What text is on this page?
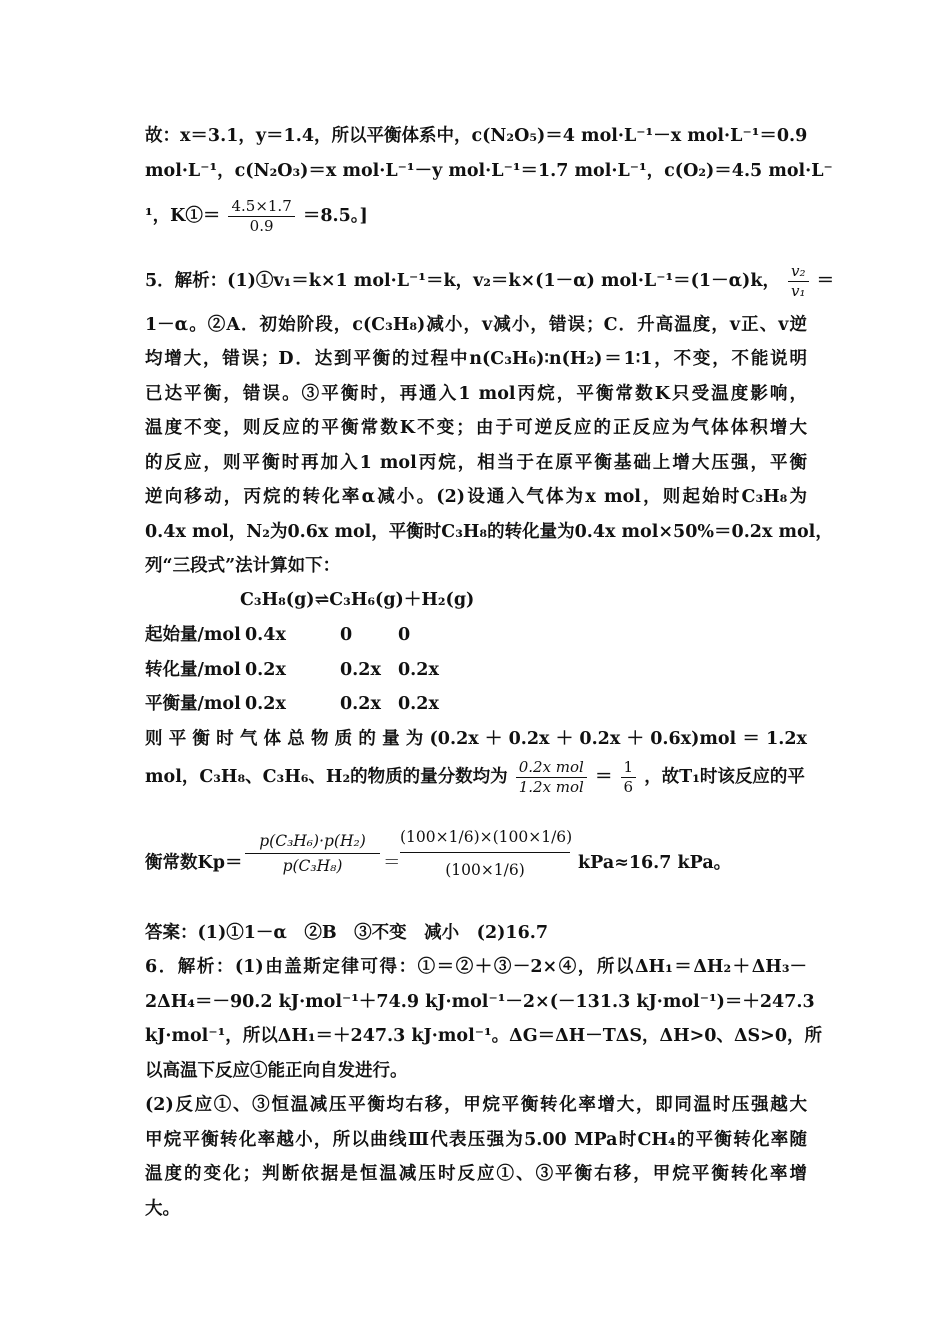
故：x＝3.1，y＝1.4，所以平衡体系中，c(N₂O₅)＝4 mol·L⁻¹－x mol·L⁻¹＝0.9
mol·L⁻¹，c(N₂O₃)＝x mol·L⁻¹－y mol·L⁻¹＝1.7 mol·L⁻¹，c(O₂)＝4.5 mol·L⁻
¹，K①＝ $\frac{4.5\times 1.7}{0.9} =8.5$。]
5．解析：(1)①v₁＝k×1 mol·L⁻¹＝k，v₂＝k×(1－α) mol·L⁻¹＝(1－α)k， $\frac{\text{v₂}}{\text{v₁}}$ ＝
1－α。②A．初始阶段，c(C₃H₈)减小，v减小，错误；C．升高温度，v正、v逆
均增大，错误；D．达到平衡的过程中n(C₃H₆)∶n(H₂)＝1∶1，不变，不能说明
已达平衡，错误。③平衡时，再通入1 mol丙烷，平衡常数K只受温度影响，
温度不变，则反应的平衡常数K不变；由于可逆反应的正反应为气体体积增大
的反应，则平衡时再加入1 mol丙烷，相当于在原平衡基础上增大压强，平衡
逆向移动，丙烷的转化率α减小。(2)设通入气体为x mol，则起始时C₃H₈为
0.4x mol，N₂为0.6x mol，平衡时C₃H₈的转化量为0.4x mol×50%＝0.2x mol，
列“三段式”法计算如下：
C₃H₈(g)⇌C₃H₆(g)＋H₂(g)
起始量/mol 0.4x	0	0
转化量/mol 0.2x	0.2x 0.2x
平衡量/mol 0.2x	0.2x 0.2x
则平衡时气体总物质的量为(0.2x＋0.2x＋0.2x＋0.6x)mol＝1.2x
mol，C₃H₈、C₃H₆、H₂的物质的量分数均为 $\frac{\text{0.2x mol}}{\text{1.2x mol}} = \frac{1}{6}$ ，故T₁时该反应的平
衡常数$Kp= \frac{\text{p(C₃H₆)·p(H₂)}}{\text{p(C₃H₈)}} = \frac{(100\times 1/6)\times(100\times 1/6)}{(100\times 1/6)} kPa\approx 16.7$ kPa。
答案：(1)①1－α　②B　③不变　减小　(2)16.7
6．解析：(1)由盖斯定律可得：①＝②＋③－2×④，所以ΔH₁＝ΔH₂＋ΔH₃－
2ΔH₄＝－90.2 kJ·mol⁻¹＋74.9 kJ·mol⁻¹－2×(－131.3 kJ·mol⁻¹)＝＋247.3
kJ·mol⁻¹，所以ΔH₁＝＋247.3 kJ·mol⁻¹。ΔG＝ΔH－TΔS，ΔH>0、ΔS>0，所
以高温下反应①能正向自发进行。
(2)反应①、③恒温减压平衡均右移，甲烷平衡转化率增大，即同温时压强越大
甲烷平衡转化率越小，所以曲线Ⅲ代表压强为5.00 MPa时CH₄的平衡转化率随
温度的变化；判断依据是恒温减压时反应①、③平衡右移，甲烷平衡转化率增
大。
